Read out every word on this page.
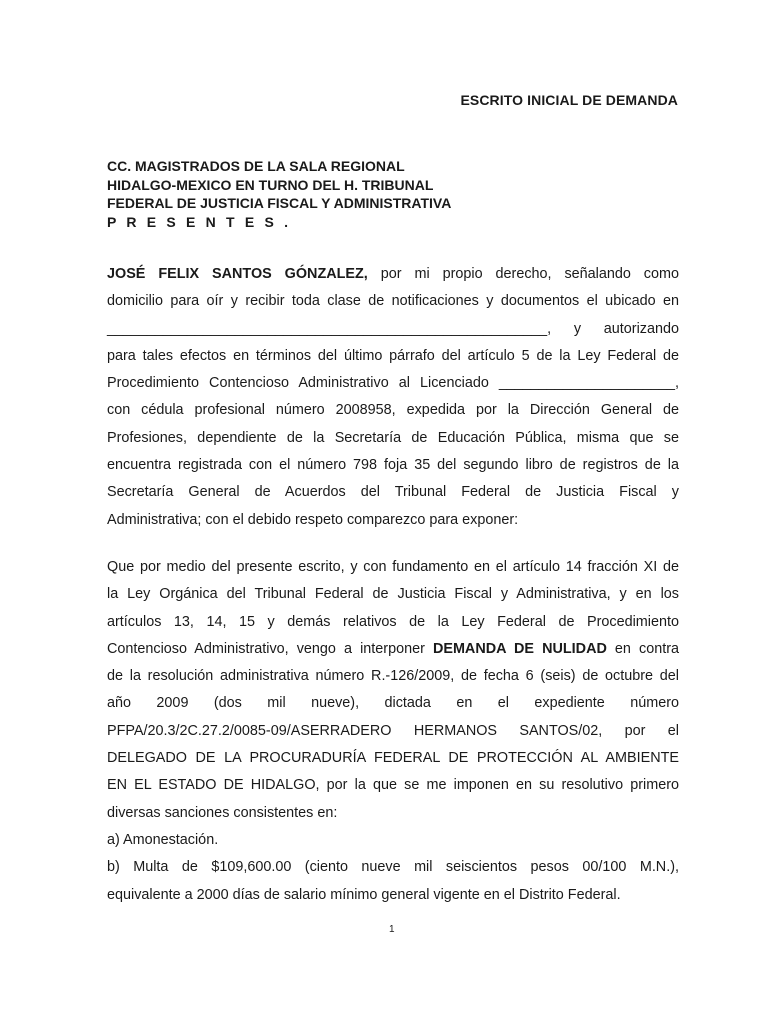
ESCRITO INICIAL DE DEMANDA
CC. MAGISTRADOS DE LA SALA REGIONAL
HIDALGO-MEXICO EN TURNO DEL H. TRIBUNAL
FEDERAL DE JUSTICIA FISCAL Y ADMINISTRATIVA
P R E S E N T E S .
JOSÉ FELIX SANTOS GÓNZALEZ, por mi propio derecho, señalando como
domicilio para oír y recibir toda clase de notificaciones y documentos el ubicado en
_______________________________________________________, y autorizando
para tales efectos en términos del último párrafo del artículo 5 de la Ley Federal de
Procedimiento Contencioso Administrativo al Licenciado ______________________,
con cédula profesional número 2008958, expedida por la Dirección General de
Profesiones, dependiente de la Secretaría de Educación Pública, misma que se
encuentra registrada con el número 798 foja 35 del segundo libro de registros de la
Secretaría General de Acuerdos del Tribunal Federal de Justicia Fiscal y
Administrativa; con el debido respeto comparezco para exponer:
Que por medio del presente escrito, y con fundamento en el artículo 14 fracción XI de
la Ley Orgánica del Tribunal Federal de Justicia Fiscal y Administrativa, y en los
artículos 13, 14, 15 y demás relativos de la Ley Federal de Procedimiento
Contencioso Administrativo, vengo a interponer DEMANDA DE NULIDAD en contra
de la resolución administrativa número R.-126/2009, de fecha 6 (seis) de octubre del
año 2009 (dos mil nueve), dictada en el expediente número
PFPA/20.3/2C.27.2/0085-09/ASERRADERO HERMANOS SANTOS/02, por el
DELEGADO DE LA PROCURADURÍA FEDERAL DE PROTECCIÓN AL AMBIENTE
EN EL ESTADO DE HIDALGO, por la que se me imponen en su resolutivo primero
diversas sanciones consistentes en:
a) Amonestación.
b) Multa de $109,600.00 (ciento nueve mil seiscientos pesos 00/100 M.N.),
equivalente a 2000 días de salario mínimo general vigente en el Distrito Federal.

1
